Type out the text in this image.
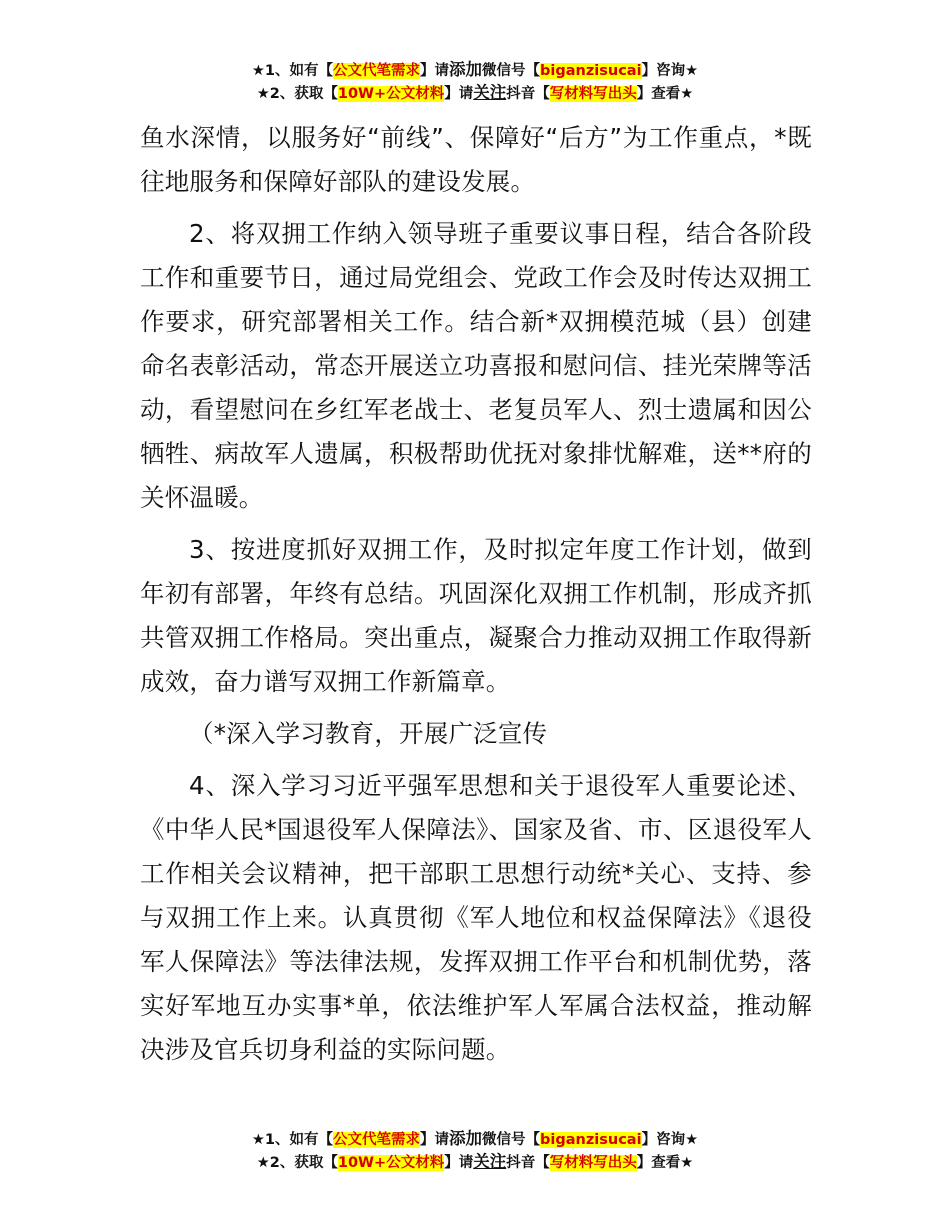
★1、如有【公文代笔需求】请添加微信号【biganzisucai】咨询★
★2、获取【10W+公文材料】请关注抖音【写材料写出头】查看★

鱼水深情，以服务好“前线”、保障好“后方”为工作重点，*既往地服务和保障好部队的建设发展。

2、将双拥工作纳入领导班子重要议事日程，结合各阶段工作和重要节日，通过局党组会、党政工作会及时传达双拥工作要求，研究部署相关工作。结合新*双拥模范城（县）创建命名表彰活动，常态开展送立功喜报和慰问信、挂光荣牌等活动，看望慰问在乡红军老战士、老复员军人、烈士遗属和因公牺牲、病故军人遗属，积极帮助优抚对象排忧解难，送**府的关怀温暖。

3、按进度抓好双拥工作，及时拟定年度工作计划，做到年初有部署，年终有总结。巩固深化双拥工作机制，形成齐抓共管双拥工作格局。突出重点，凝聚合力推动双拥工作取得新成效，奋力谱写双拥工作新篇章。

（*深入学习教育，开展广泛宣传

4、深入学习习近平强军思想和关于退役军人重要论述、《中华人民*国退役军人保障法》、国家及省、市、区退役军人工作相关会议精神，把干部职工思想行动统*关心、支持、参与双拥工作上来。认真贯彻《军人地位和权益保障法》《退役军人保障法》等法律法规，发挥双拥工作平台和机制优势，落实好军地互办实事*单，依法维护军人军属合法权益，推动解决涉及官兵切身利益的实际问题。

★1、如有【公文代笔需求】请添加微信号【biganzisucai】咨询★
★2、获取【10W+公文材料】请关注抖音【写材料写出头】查看★
